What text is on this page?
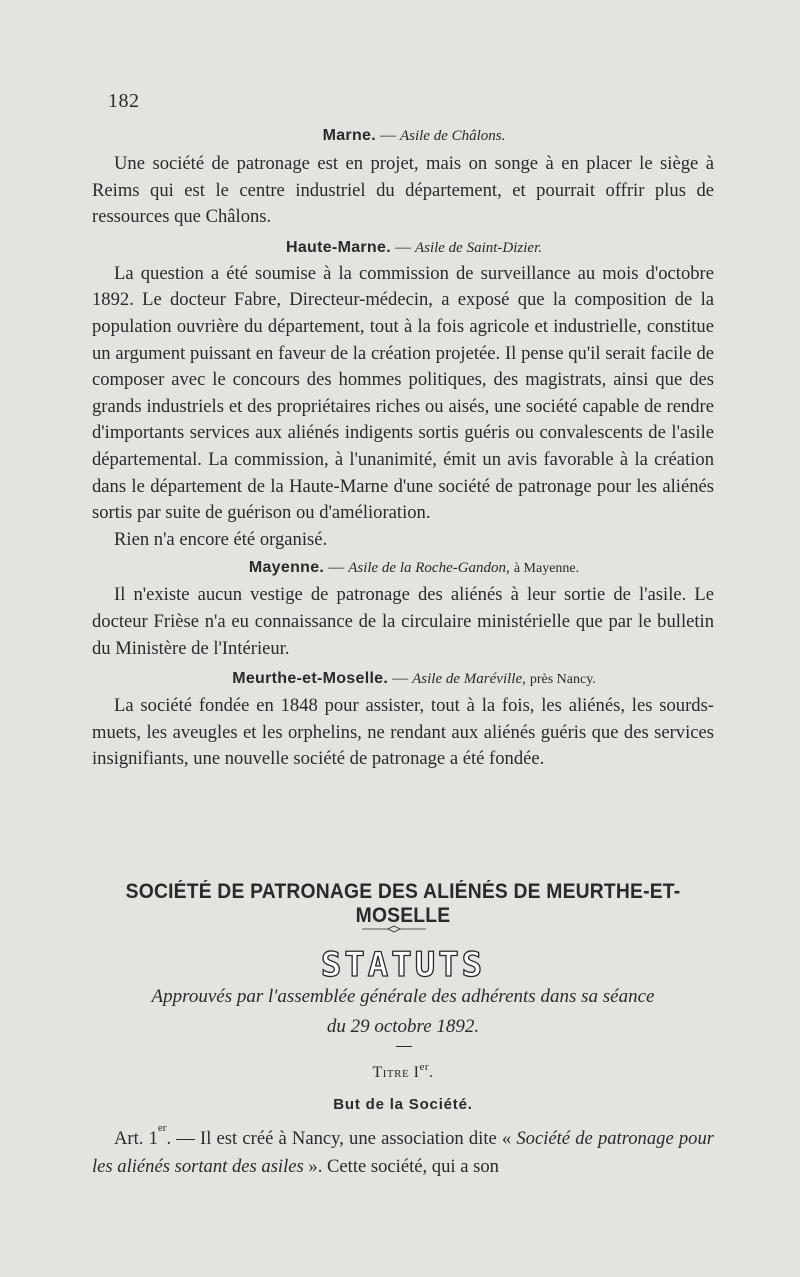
182

Marne. — Asile de Châlons.

Une société de patronage est en projet, mais on songe à en placer le siège à Reims qui est le centre industriel du département, et pourrait offrir plus de ressources que Châlons.

Haute-Marne. — Asile de Saint-Dizier.

La question a été soumise à la commission de surveillance au mois d'octobre 1892. Le docteur Fabre, Directeur-médecin, a exposé que la composition de la population ouvrière du département, tout à la fois agricole et industrielle, constitue un argument puissant en faveur de la création projetée. Il pense qu'il serait facile de composer avec le concours des hommes politiques, des magistrats, ainsi que des grands industriels et des propriétaires riches ou aisés, une société capable de rendre d'importants services aux aliénés indigents sortis guéris ou convalescents de l'asile départemental. La commission, à l'unanimité, émit un avis favorable à la création dans le département de la Haute-Marne d'une société de patronage pour les aliénés sortis par suite de guérison ou d'amélioration.

Rien n'a encore été organisé.

Mayenne. — Asile de la Roche-Gandon, à Mayenne.

Il n'existe aucun vestige de patronage des aliénés à leur sortie de l'asile. Le docteur Frièse n'a eu connaissance de la circulaire ministérielle que par le bulletin du Ministère de l'Intérieur.

Meurthe-et-Moselle. — Asile de Maréville, près Nancy.

La société fondée en 1848 pour assister, tout à la fois, les aliénés, les sourds-muets, les aveugles et les orphelins, ne rendant aux aliénés guéris que des services insignifiants, une nouvelle société de patronage a été fondée.

SOCIÉTÉ DE PATRONAGE DES ALIÉNÉS DE MEURTHE-ET-MOSELLE
STATUTS
Approuvés par l'assemblée générale des adhérents dans sa séance
du 29 octobre 1892.
Titre Ier.
But de la Société.
Art. 1er. — Il est créé à Nancy, une association dite « Société de patronage pour les aliénés sortant des asiles ». Cette société, qui a son
